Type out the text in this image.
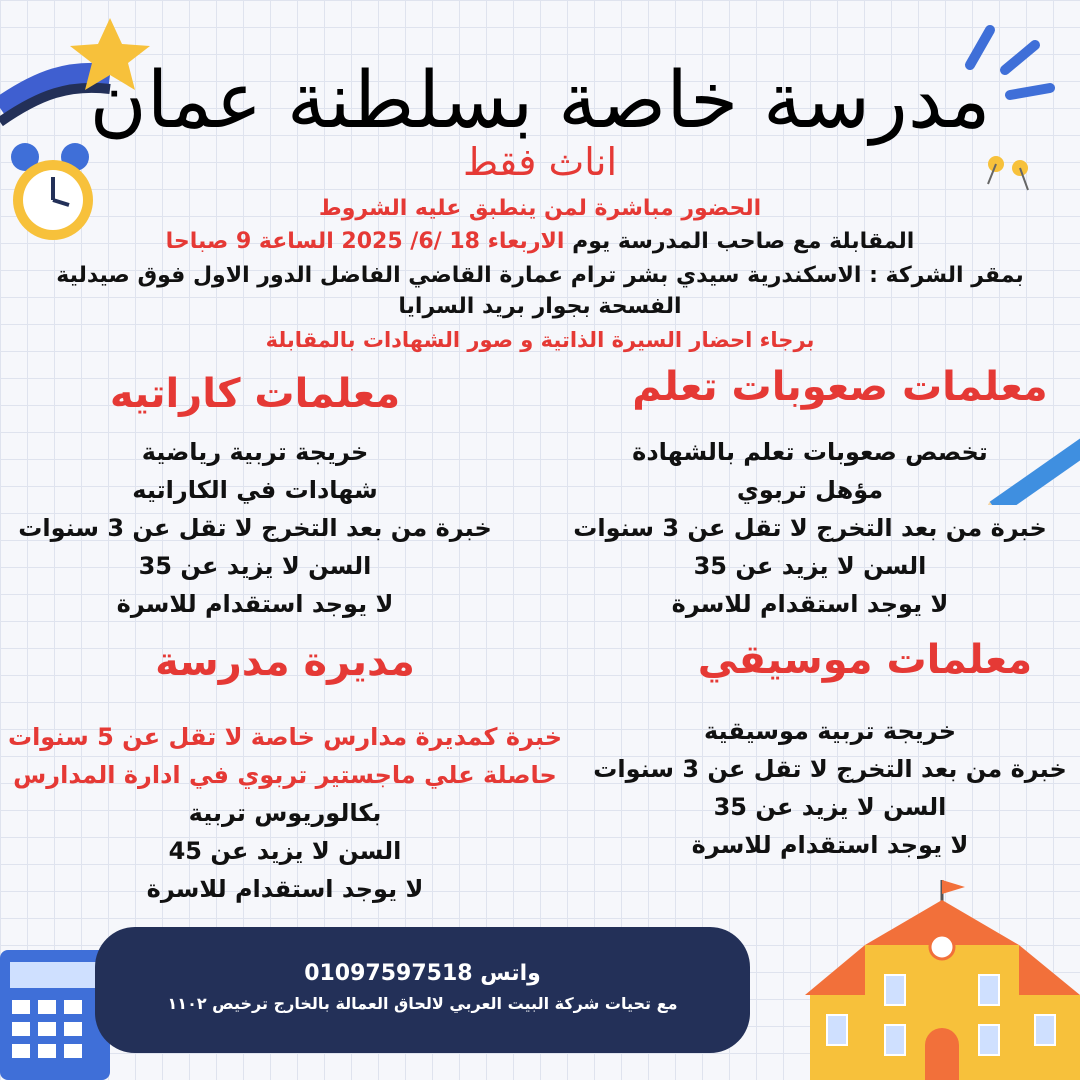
مدرسة خاصة بسلطنة عمان
اناث فقط
الحضور مباشرة لمن ينطبق عليه الشروط
المقابلة مع صاحب المدرسة يوم الاربعاء 18 /6/ 2025 الساعة 9 صباحا
بمقر الشركة : الاسكندرية سيدي بشر ترام عمارة القاضي الفاضل الدور الاول فوق صيدلية
الفسحة بجوار بريد السرايا
برجاء احضار السيرة الذاتية و صور الشهادات بالمقابلة
معلمات صعوبات تعلم
تخصص صعوبات تعلم بالشهادة
مؤهل تربوي
خبرة من بعد التخرج لا تقل عن 3 سنوات
السن لا يزيد عن 35
لا يوجد استقدام للاسرة
معلمات كاراتيه
خريجة تربية رياضية
شهادات في الكاراتيه
خبرة من بعد التخرج لا تقل عن 3 سنوات
السن لا يزيد عن 35
لا يوجد استقدام للاسرة
معلمات موسيقي
خريجة تربية موسيقية
خبرة من بعد التخرج لا تقل عن 3 سنوات
السن لا يزيد عن 35
لا يوجد استقدام للاسرة
مديرة مدرسة
خبرة كمديرة مدارس خاصة لا تقل عن 5 سنوات
حاصلة علي ماجستير تربوي في ادارة المدارس
بكالوريوس تربية
السن لا يزيد عن 45
لا يوجد استقدام للاسرة
واتس 01097597518
مع تحيات شركة البيت العربي لالحاق العمالة بالخارج ترخيص ١١٠٢
